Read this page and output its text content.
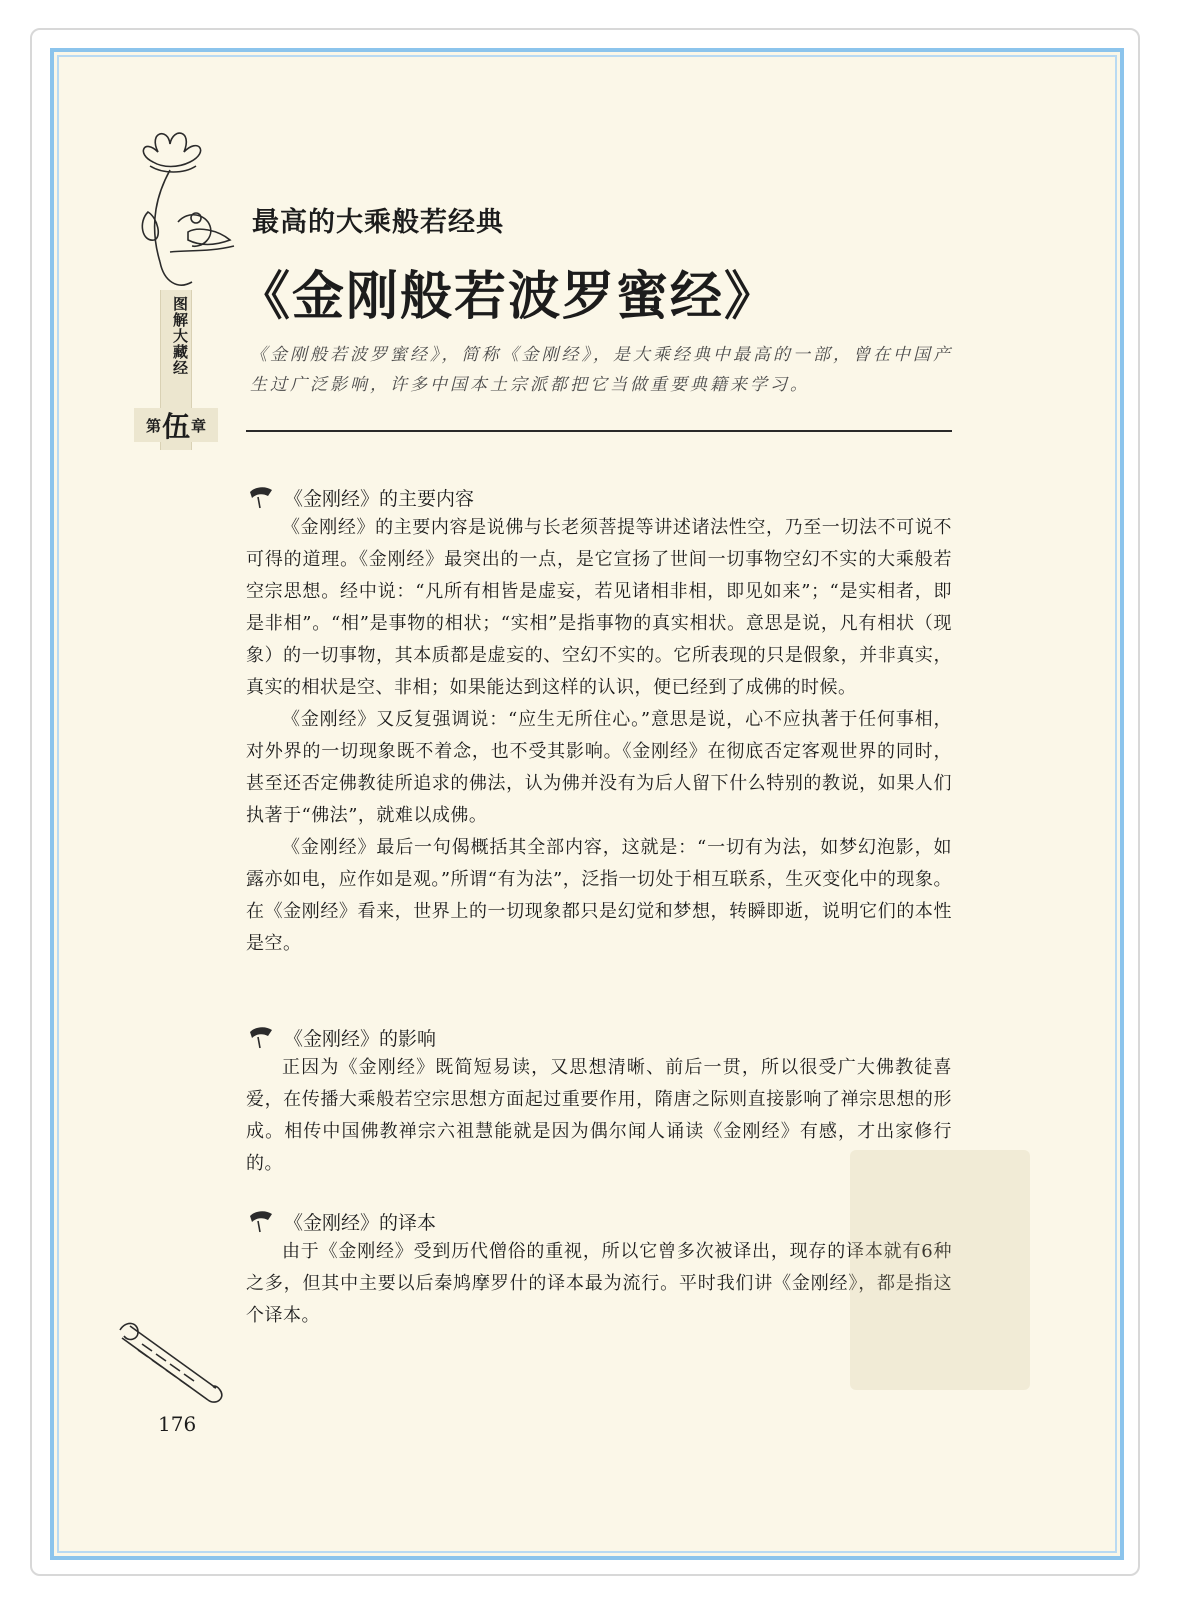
图解大藏经
第 伍 章
最高的大乘般若经典
《金刚般若波罗蜜经》
《金刚般若波罗蜜经》，简称《金刚经》，是大乘经典中最高的一部，曾在中国产生过广泛影响，许多中国本土宗派都把它当做重要典籍来学习。
《金刚经》的主要内容

《金刚经》的主要内容是说佛与长老须菩提等讲述诸法性空，乃至一切法不可说不可得的道理。《金刚经》最突出的一点，是它宣扬了世间一切事物空幻不实的大乘般若空宗思想。经中说：“凡所有相皆是虚妄，若见诸相非相，即见如来”；“是实相者，即是非相”。“相”是事物的相状；“实相”是指事物的真实相状。意思是说，凡有相状（现象）的一切事物，其本质都是虚妄的、空幻不实的。它所表现的只是假象，并非真实，真实的相状是空、非相；如果能达到这样的认识，便已经到了成佛的时候。

《金刚经》又反复强调说：“应生无所住心。”意思是说，心不应执著于任何事相，对外界的一切现象既不着念，也不受其影响。《金刚经》在彻底否定客观世界的同时，甚至还否定佛教徒所追求的佛法，认为佛并没有为后人留下什么特别的教说，如果人们执著于“佛法”，就难以成佛。

《金刚经》最后一句偈概括其全部内容，这就是：“一切有为法，如梦幻泡影，如露亦如电，应作如是观。”所谓“有为法”，泛指一切处于相互联系，生灭变化中的现象。在《金刚经》看来，世界上的一切现象都只是幻觉和梦想，转瞬即逝，说明它们的本性是空。

《金刚经》的影响

正因为《金刚经》既简短易读，又思想清晰、前后一贯，所以很受广大佛教徒喜爱，在传播大乘般若空宗思想方面起过重要作用，隋唐之际则直接影响了禅宗思想的形成。相传中国佛教禅宗六祖慧能就是因为偶尔闻人诵读《金刚经》有感，才出家修行的。

《金刚经》的译本

由于《金刚经》受到历代僧俗的重视，所以它曾多次被译出，现存的译本就有6种之多，但其中主要以后秦鸠摩罗什的译本最为流行。平时我们讲《金刚经》，都是指这个译本。

176
